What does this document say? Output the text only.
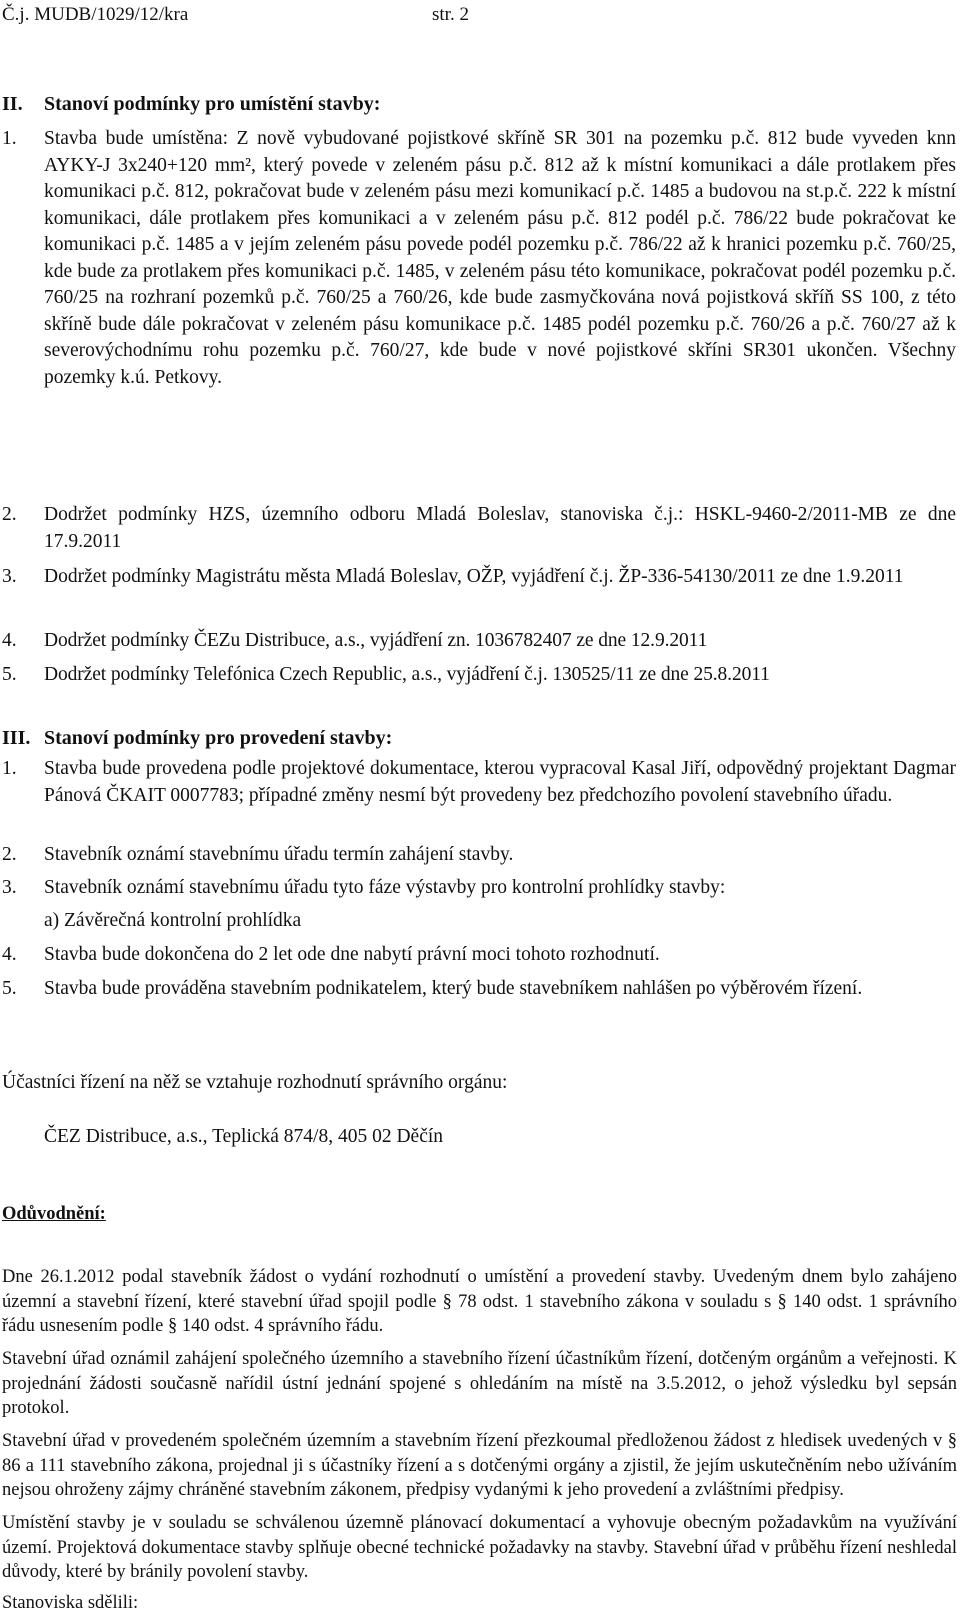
Č.j. MUDB/1029/12/kra	str. 2
II. Stanoví podmínky pro umístění stavby:
1.	Stavba bude umístěna: Z nově vybudované pojistkové skříně SR 301 na pozemku p.č. 812 bude vyveden knn AYKY-J 3x240+120 mm², který povede v zeleném pásu p.č. 812 až k místní komunikaci a dále protlakem přes komunikaci p.č. 812, pokračovat bude v zeleném pásu mezi komunikací p.č. 1485 a budovou na st.p.č. 222 k místní komunikaci, dále protlakem přes komunikaci a v zeleném pásu p.č. 812 podél p.č. 786/22 bude pokračovat ke komunikaci p.č. 1485 a v jejím zeleném pásu povede podél pozemku p.č. 786/22 až k hranici pozemku p.č. 760/25, kde bude za protlakem přes komunikaci p.č. 1485, v zeleném pásu této komunikace, pokračovat podél pozemku p.č. 760/25 na rozhraní pozemků p.č. 760/25 a 760/26, kde bude zasmyčkována nová pojistková skříň SS 100, z této skříně bude dále pokračovat v zeleném pásu komunikace p.č. 1485 podél pozemku p.č. 760/26 a p.č. 760/27 až k severovýchodnímu rohu pozemku p.č. 760/27, kde bude v nové pojistkové skříni SR301 ukončen. Všechny pozemky k.ú. Petkovy.
2.	Dodržet podmínky HZS, územního odboru Mladá Boleslav, stanoviska č.j.: HSKL-9460-2/2011-MB ze dne 17.9.2011
3.	Dodržet podmínky Magistrátu města Mladá Boleslav, OŽP, vyjádření č.j. ŽP-336-54130/2011 ze dne 1.9.2011
4.	Dodržet podmínky ČEZu Distribuce, a.s., vyjádření zn. 1036782407 ze dne 12.9.2011
5.	Dodržet podmínky Telefónica Czech Republic, a.s., vyjádření č.j. 130525/11 ze dne 25.8.2011
III. Stanoví podmínky pro provedení stavby:
1.	Stavba bude provedena podle projektové dokumentace, kterou vypracoval Kasal Jiří, odpovědný projektant Dagmar Pánová ČKAIT 0007783; případné změny nesmí být provedeny bez předchozího povolení stavebního úřadu.
2.	Stavebník oznámí stavebnímu úřadu termín zahájení stavby.
3.	Stavebník oznámí stavebnímu úřadu tyto fáze výstavby pro kontrolní prohlídky stavby:
a) Závěrečná kontrolní prohlídka
4.	Stavba bude dokončena do 2 let ode dne nabytí právní moci tohoto rozhodnutí.
5.	Stavba bude prováděna stavebním podnikatelem, který bude stavebníkem nahlášen po výběrovém řízení.
Účastníci řízení na něž se vztahuje rozhodnutí správního orgánu:
ČEZ Distribuce, a.s., Teplická 874/8, 405 02 Děčín
Odůvodnění:
Dne 26.1.2012 podal stavebník žádost o vydání rozhodnutí o umístění a provedení stavby. Uvedeným dnem bylo zahájeno územní a stavební řízení, které stavební úřad spojil podle § 78 odst. 1 stavebního zákona v souladu s § 140 odst. 1 správního řádu usnesením podle § 140 odst. 4 správního řádu.
Stavební úřad oznámil zahájení společného územního a stavebního řízení účastníkům řízení, dotčeným orgánům a veřejnosti. K projednání žádosti současně nařídil ústní jednání spojené s ohledáním na místě na 3.5.2012, o jehož výsledku byl sepsán protokol.
Stavební úřad v provedeném společném územním a stavebním řízení přezkoumal předloženou žádost z hledisek uvedených v § 86 a 111 stavebního zákona, projednal ji s účastníky řízení a s dotčenými orgány a zjistil, že jejím uskutečněním nebo užíváním nejsou ohroženy zájmy chráněné stavebním zákonem, předpisy vydanými k jeho provedení a zvláštními předpisy.
Umístění stavby je v souladu se schválenou územně plánovací dokumentací a vyhovuje obecným požadavkům na využívání území. Projektová dokumentace stavby splňuje obecné technické požadavky na stavby. Stavební úřad v průběhu řízení neshledal důvody, které by bránily povolení stavby.
Stanoviska sdělili:
